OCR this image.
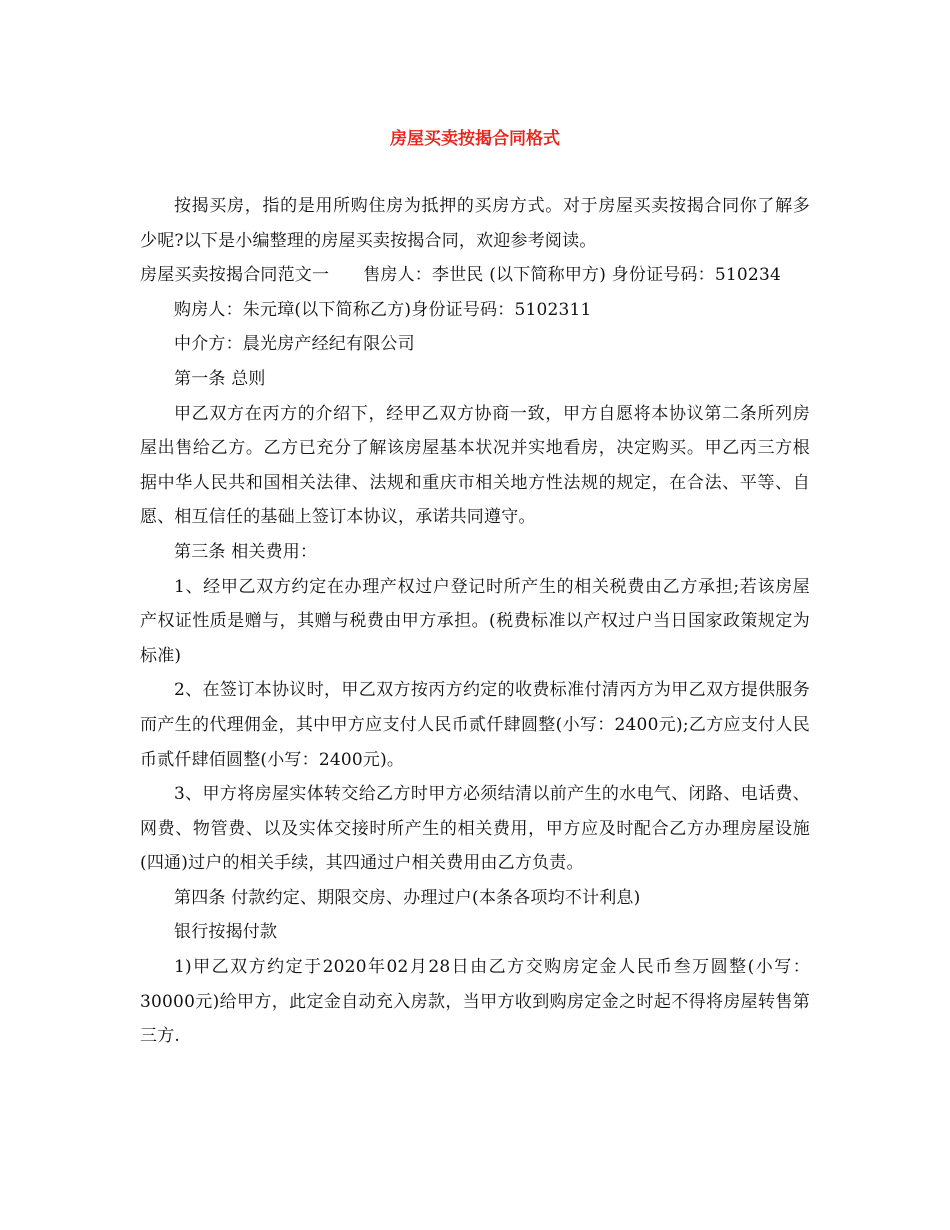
房屋买卖按揭合同格式

按揭买房，指的是用所购住房为抵押的买房方式。对于房屋买卖按揭合同你了解多少呢?以下是小编整理的房屋买卖按揭合同，欢迎参考阅读。

房屋买卖按揭合同范文一 售房人：李世民 (以下简称甲方) 身份证号码：510234

购房人：朱元璋(以下简称乙方)身份证号码：5102311

中介方：晨光房产经纪有限公司

第一条 总则

甲乙双方在丙方的介绍下，经甲乙双方协商一致，甲方自愿将本协议第二条所列房屋出售给乙方。乙方已充分了解该房屋基本状况并实地看房，决定购买。甲乙丙三方根据中华人民共和国相关法律、法规和重庆市相关地方性法规的规定，在合法、平等、自愿、相互信任的基础上签订本协议，承诺共同遵守。

第三条 相关费用：

1、经甲乙双方约定在办理产权过户登记时所产生的相关税费由乙方承担;若该房屋产权证性质是赠与，其赠与税费由甲方承担。(税费标准以产权过户当日国家政策规定为标准)

2、在签订本协议时，甲乙双方按丙方约定的收费标准付清丙方为甲乙双方提供服务而产生的代理佣金，其中甲方应支付人民币贰仟肆圆整(小写：2400元);乙方应支付人民币贰仟肆佰圆整(小写：2400元)。

3、甲方将房屋实体转交给乙方时甲方必须结清以前产生的水电气、闭路、电话费、网费、物管费、以及实体交接时所产生的相关费用，甲方应及时配合乙方办理房屋设施(四通)过户的相关手续，其四通过户相关费用由乙方负责。

第四条 付款约定、期限交房、办理过户(本条各项均不计利息)

银行按揭付款

1)甲乙双方约定于2020年02月28日由乙方交购房定金人民币叁万圆整(小写：30000元)给甲方，此定金自动充入房款，当甲方收到购房定金之时起不得将房屋转售第三方.
